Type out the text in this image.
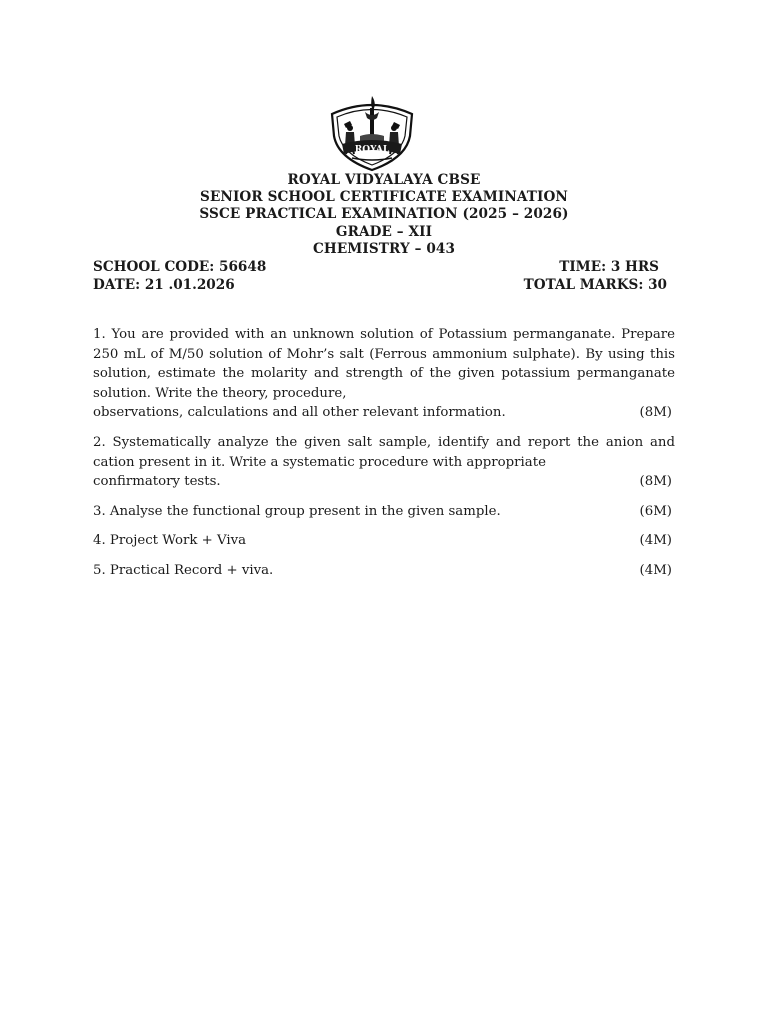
ROYAL
ROYAL VIDYALAYA CBSE
SENIOR SCHOOL CERTIFICATE EXAMINATION
SSCE PRACTICAL EXAMINATION (2025 – 2026)
GRADE – XII
CHEMISTRY – 043
SCHOOL CODE: 56648	TIME: 3 HRS
DATE: 21 .01.2026	TOTAL MARKS: 30
1. You are provided with an unknown solution of Potassium permanganate. Prepare 250 mL of M/50 solution of Mohr’s salt (Ferrous ammonium sulphate). By using this solution, estimate the molarity and strength of the given potassium permanganate solution. Write the theory, procedure,
observations, calculations and all other relevant information.	(8M)
2. Systematically analyze the given salt sample, identify and report the anion and cation present in it. Write a systematic procedure with appropriate
confirmatory tests.	(8M)
3. Analyse the functional group present in the given sample.	(6M)
4. Project Work + Viva	(4M)
5. Practical Record + viva.	(4M)
